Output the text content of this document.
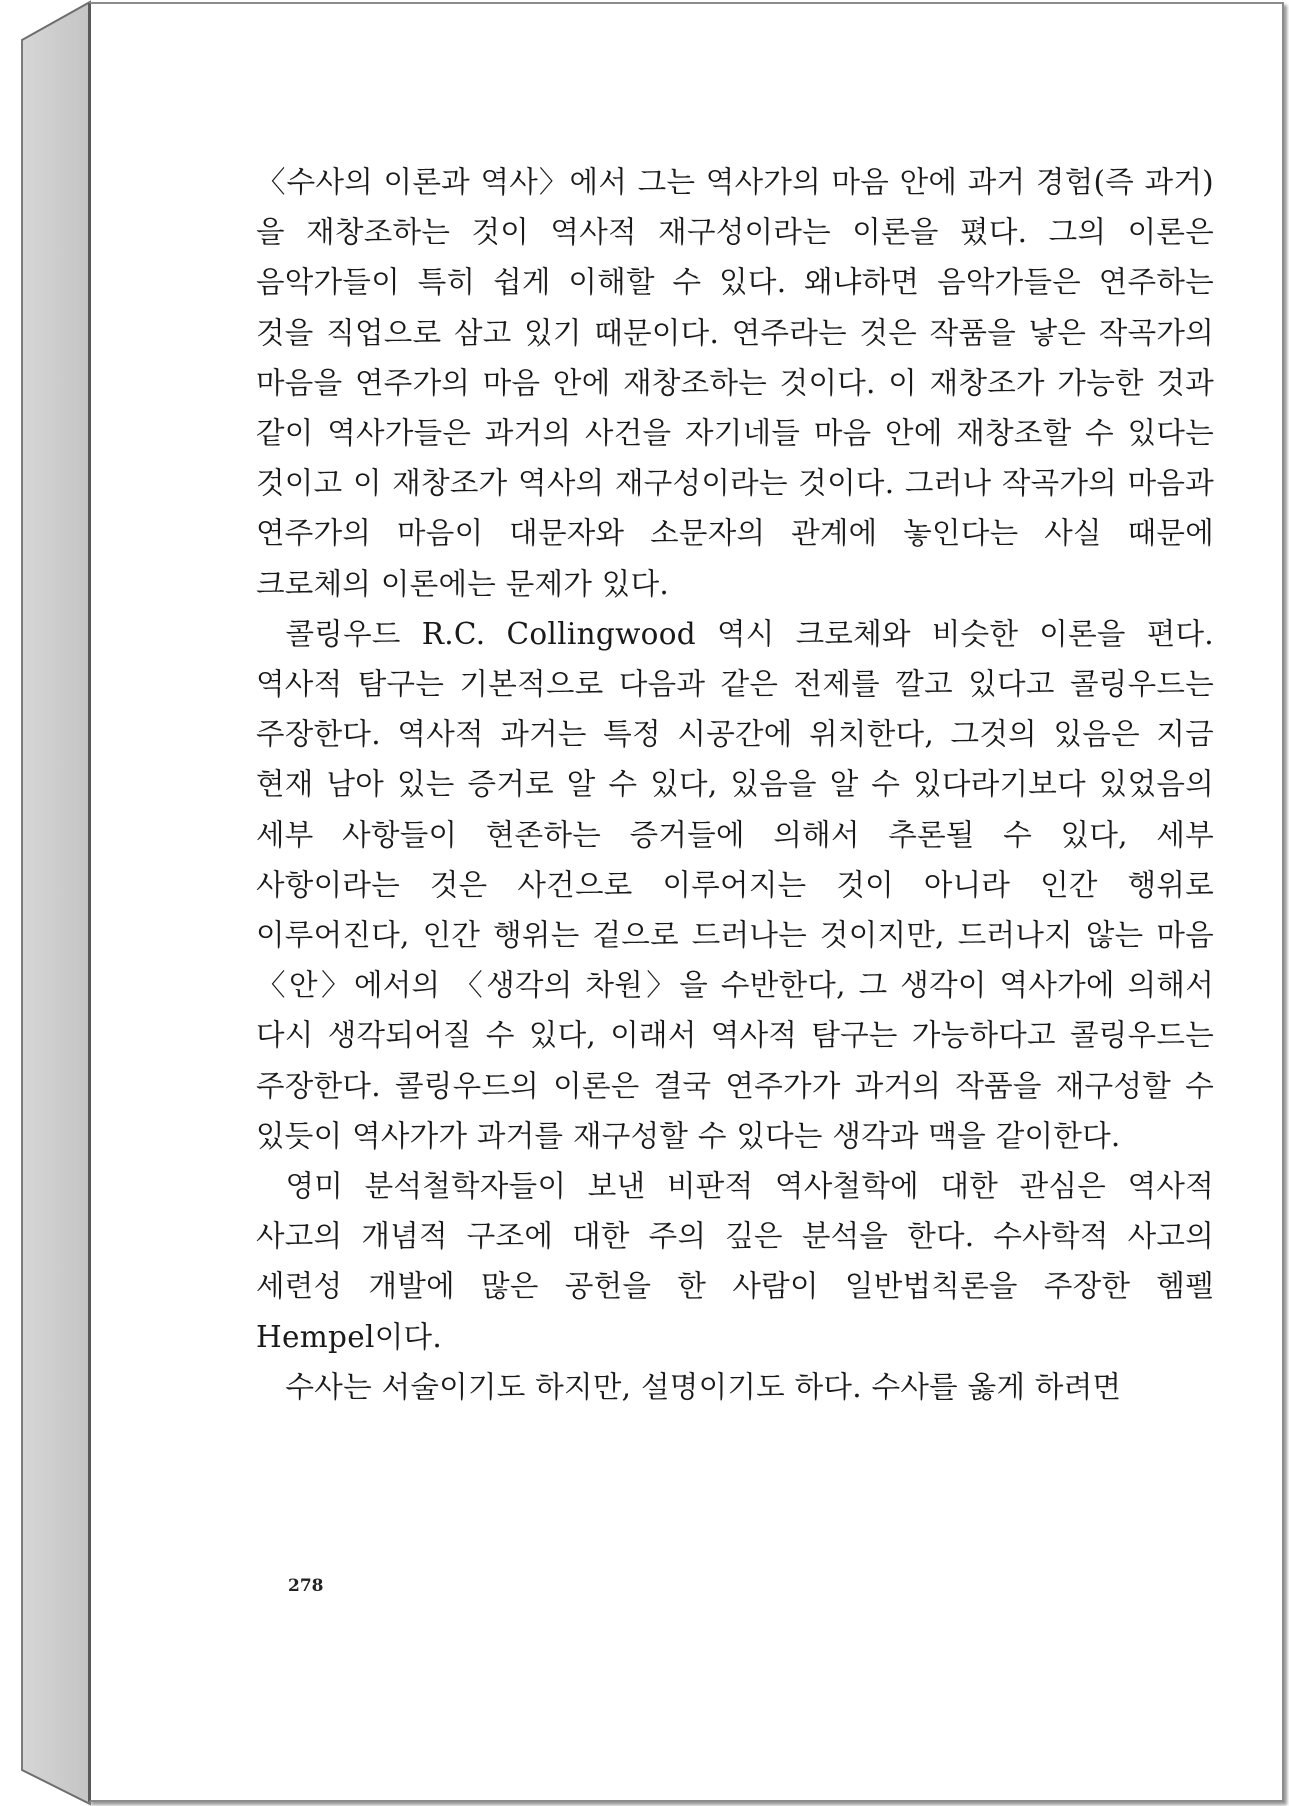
〈수사의 이론과 역사〉에서 그는 역사가의 마음 안에 과거 경험(즉 과거)을 재창조하는 것이 역사적 재구성이라는 이론을 폈다. 그의 이론은 음악가들이 특히 쉽게 이해할 수 있다. 왜냐하면 음악가들은 연주하는 것을 직업으로 삼고 있기 때문이다. 연주라는 것은 작품을 낳은 작곡가의 마음을 연주가의 마음 안에 재창조하는 것이다. 이 재창조가 가능한 것과 같이 역사가들은 과거의 사건을 자기네들 마음 안에 재창조할 수 있다는 것이고 이 재창조가 역사의 재구성이라는 것이다. 그러나 작곡가의 마음과 연주가의 마음이 대문자와 소문자의 관계에 놓인다는 사실 때문에 크로체의 이론에는 문제가 있다.

콜링우드 R.C. Collingwood 역시 크로체와 비슷한 이론을 편다. 역사적 탐구는 기본적으로 다음과 같은 전제를 깔고 있다고 콜링우드는 주장한다. 역사적 과거는 특정 시공간에 위치한다, 그것의 있음은 지금 현재 남아 있는 증거로 알 수 있다, 있음을 알 수 있다라기보다 있었음의 세부 사항들이 현존하는 증거들에 의해서 추론될 수 있다, 세부 사항이라는 것은 사건으로 이루어지는 것이 아니라 인간 행위로 이루어진다, 인간 행위는 겉으로 드러나는 것이지만, 드러나지 않는 마음 〈안〉에서의 〈생각의 차원〉을 수반한다, 그 생각이 역사가에 의해서 다시 생각되어질 수 있다, 이래서 역사적 탐구는 가능하다고 콜링우드는 주장한다. 콜링우드의 이론은 결국 연주가가 과거의 작품을 재구성할 수 있듯이 역사가가 과거를 재구성할 수 있다는 생각과 맥을 같이한다.

영미 분석철학자들이 보낸 비판적 역사철학에 대한 관심은 역사적 사고의 개념적 구조에 대한 주의 깊은 분석을 한다. 수사학적 사고의 세련성 개발에 많은 공헌을 한 사람이 일반법칙론을 주장한 헴펠 Hempel이다.

수사는 서술이기도 하지만, 설명이기도 하다. 수사를 옳게 하려면

278
